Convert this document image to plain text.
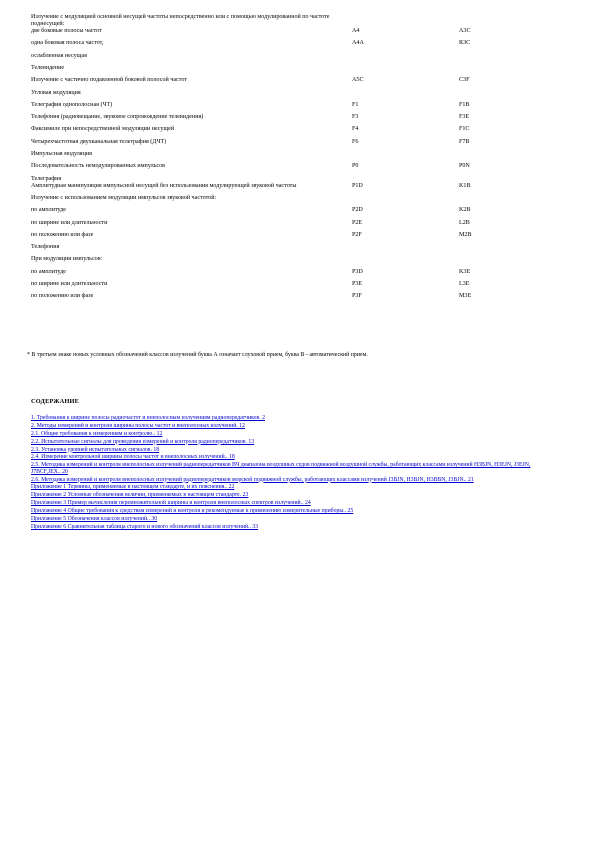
Излучение с модуляцией основной несущей частоты непосредственно или с помощью модулированной по частоте поднесущей:		
две боковые полосы частот	A4	A3C
одна боковая полоса частот,	A4A	R3C
ослабленная несущая		
Телевидение		
Излучение с частично подавленной боковой полосой частот	A5C	C3F
Угловая модуляция		
Телеграфия однополосная (ЧТ)	F1	F1B
Телефония (радиовещание, звуковое сопровождение телевидения)	F3	F3E
Факсимиле при непосредственной модуляции несущей	F4	F1C
Четырехчастотная двухканальная телеграфия (ДЧТ)	F6	F7B
Импульсная модуляция		
Последовательность немодулированных импульсов	P0	P0N
Телеграфия		
Амплитудная манипуляция импульсной несущей без использования модулирующей звуковой частоты	P1D	K1B
Излучение с использованием модуляции импульсов звуковой частотой:		
по амплитуде	P2D	K2B
по ширине или длительности	P2E	L2B
по положению или фазе	P2F	M2B
Телефония		
При модуляции импульсов:		
по амплитуде	P3D	K3E
по ширине или длительности	P3E	L3E
по положению или фазе	P3F	M3E
* В третьем знаке новых условных обозначений классов излучений буква А означает слуховой прием, буква В - автоматический прием.
СОДЕРЖАНИЕ
1. Требования к ширине полосы радиочастот и внеполосным излучениям радиопередатчиков. 2
2. Методы измерений и контроля ширины полосы частот и внеполосных излучений. 12
2.1. Общие требования к измерениям и контролю.. 12
2.2. Испытательные сигналы для проведения измерений и контроля радиопередатчиков. 13
2.3. Установка уровней испытательных сигналов. 18
2.4. Измерение контрольной ширины полосы частот и внеполосных излучений.. 18
2.5. Методика измерений и контроля внеполосных излучений радиопередатчиков ВЧ диапазона воздушных судов подвижной воздушной службы, работающих классами излучений H3BJN, H3EJN, J3EJN, J7BCF,JEX.. 20
2.6. Методика измерений и контроля внеполосных излучений радиопередатчиков морской подвижной службы, работающих классами излучений J3BJN, H3BJN, H3BBN, J3BJN.. 21
Приложение 1 Термины, применяемые в настоящем стандарте, и их пояснения.. 22
Приложение 2 Условные обозначения величин, применяемых в настоящем стандарте. 23
Приложение 3 Пример вычисления перемножительной ширины и контроля внеполосных спектров излучений.. 24
Приложение 4 Общие требования к средствам измерений и контроля и рекомендуемые к применению измерительные приборы.. 25
Приложение 5 Обозначения классов излучений.. 30
Приложение 6 Сравнительная таблица старого и нового обозначений классов излучений.. 33
